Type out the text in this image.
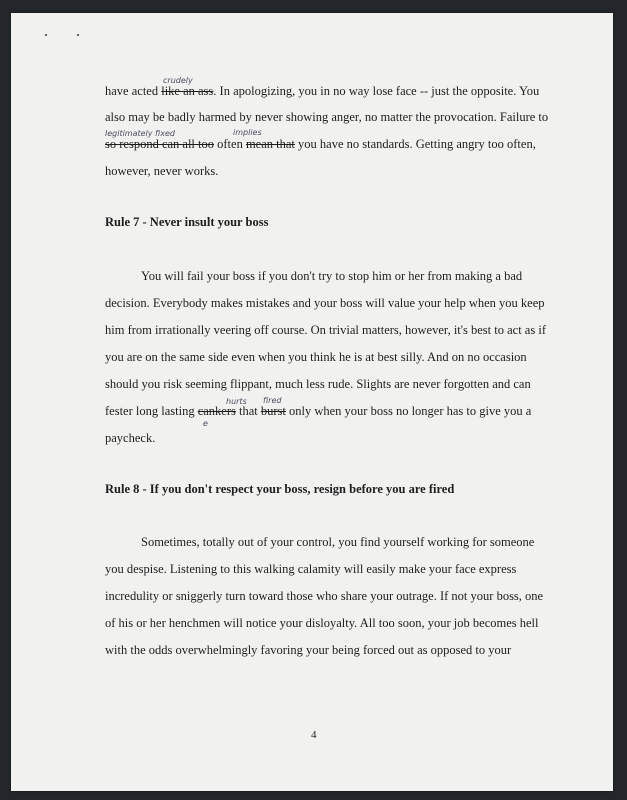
have acted like an ass. In apologizing, you in no way lose face -- just the opposite. You
crudely
also may be badly harmed by never showing anger, no matter the provocation. Failure to
so respond can all too often mean that you have no standards. Getting angry too often,
legitimately fixed	implies
however, never works.
Rule 7 - Never insult your boss
You will fail your boss if you don't try to stop him or her from making a bad
decision. Everybody makes mistakes and your boss will value your help when you keep
him from irrationally veering off course. On trivial matters, however, it's best to act as if
you are on the same side even when you think he is at best silly. And on no occasion
should you risk seeming flippant, much less rude. Slights are never forgotten and can
fester long lasting cankers that burst only when your boss no longer has to give you a
hurts fired
e
paycheck.
Rule 8 - If you don't respect your boss, resign before you are fired
Sometimes, totally out of your control, you find yourself working for someone
you despise. Listening to this walking calamity will easily make your face express
incredulity or sniggerly turn toward those who share your outrage. If not your boss, one
of his or her henchmen will notice your disloyalty. All too soon, your job becomes hell
with the odds overwhelmingly favoring your being forced out as opposed to your
4
